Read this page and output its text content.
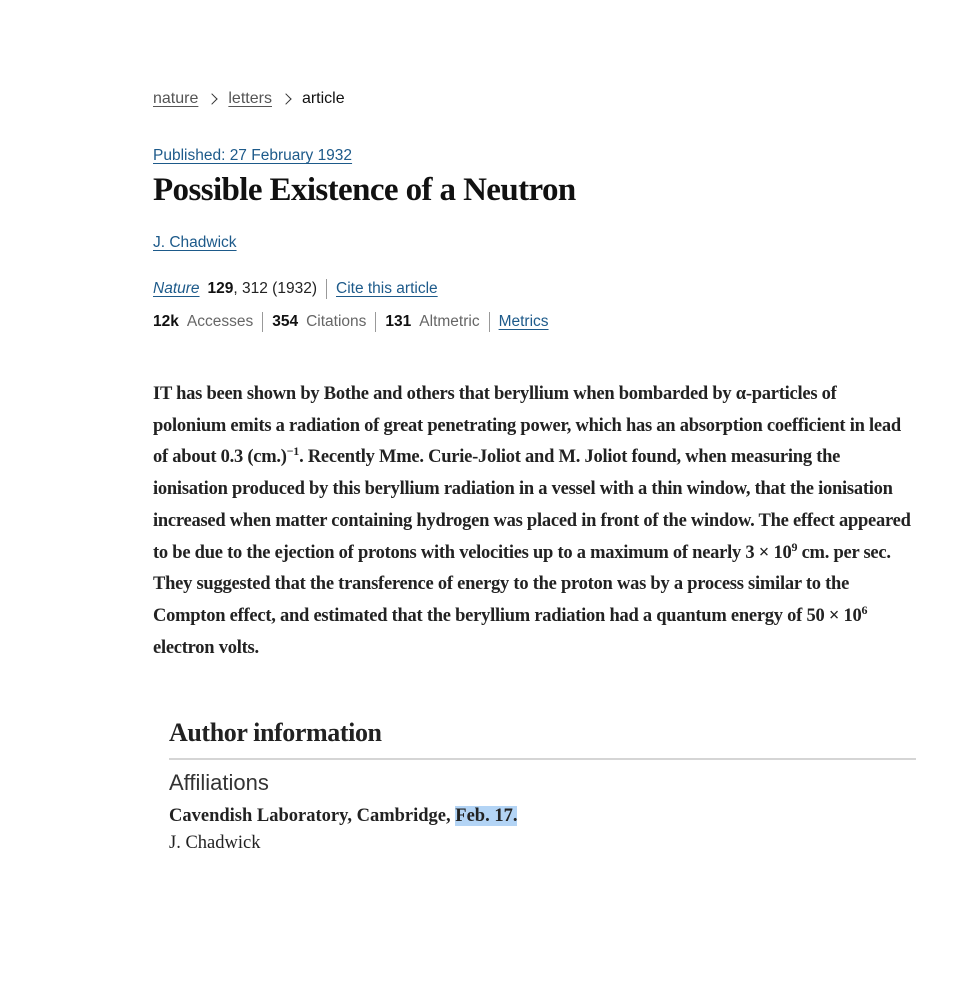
nature letters article
Published: 27 February 1932
Possible Existence of a Neutron
J. Chadwick
Nature 129 , 312 (1932) Cite this article
12k Accesses 354 Citations 131 Altmetric Metrics

IT has been shown by Bothe and others that beryllium when bombarded by α-particles of polonium emits a radiation of great penetrating power, which has an absorption coefficient in lead of about 0.3 $(cm.)^{-1}$. Recently Mme. Curie-Joliot and M. Joliot found, when measuring the ionisation produced by this beryllium radiation in a vessel with a thin window, that the ionisation increased when matter containing hydrogen was placed in front of the window. The effect appeared to be due to the ejection of protons with velocities up to a maximum of nearly $3 \times 10^9$ cm. per sec. They suggested that the transference of energy to the proton was by a process similar to the Compton effect, and estimated that the beryllium radiation had a quantum energy of $50 \times 10^6$ electron volts.

Author information
Affiliations
Cavendish Laboratory, Cambridge, Feb. 17.
J. Chadwick
